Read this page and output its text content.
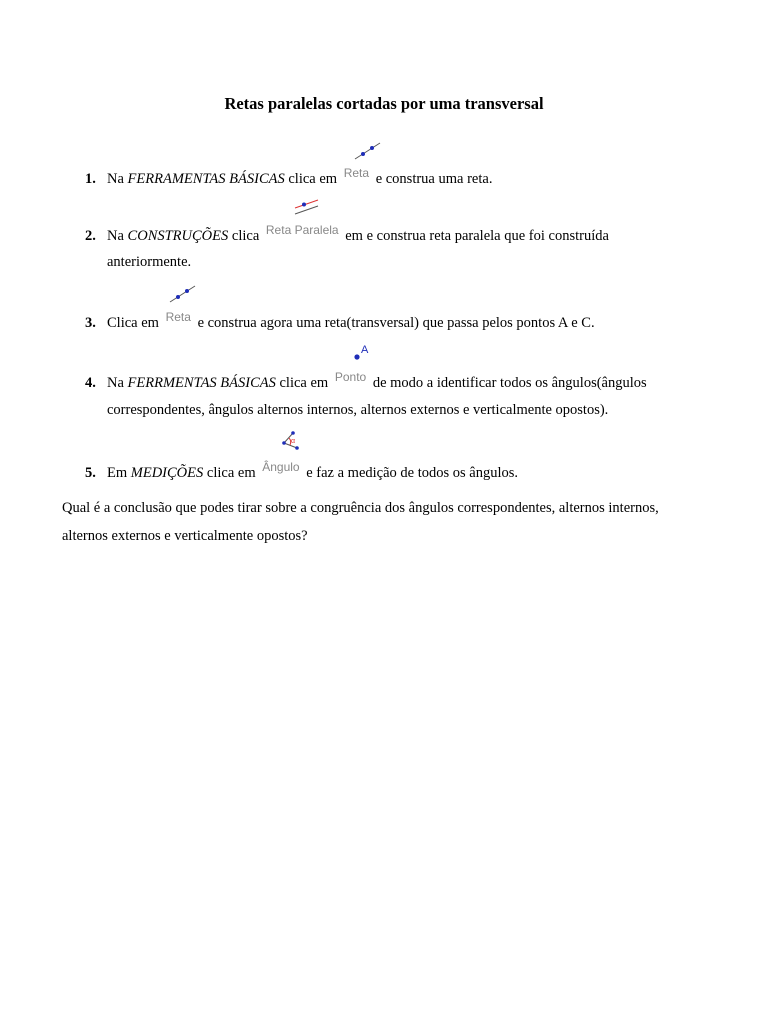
Retas paralelas cortadas por uma transversal
1. Na FERRAMENTAS BÁSICAS clica em Reta e construa uma reta.
2. Na CONSTRUÇÕES clica Reta Paralela em e construa reta paralela que foi construída
anteriormente.
3. Clica em Reta e construa agora uma reta(transversal) que passa pelos pontos A e C.
A
4. Na FERRMENTAS BÁSICAS clica em Ponto de modo a identificar todos os ângulos(ângulos
correspondentes, ângulos alternos internos, alternos externos e verticalmente opostos).
α
5. Em MEDIÇÕES clica em Ângulo e faz a medição de todos os ângulos.
Qual é a conclusão que podes tirar sobre a congruência dos ângulos correspondentes, alternos internos,
alternos externos e verticalmente opostos?
